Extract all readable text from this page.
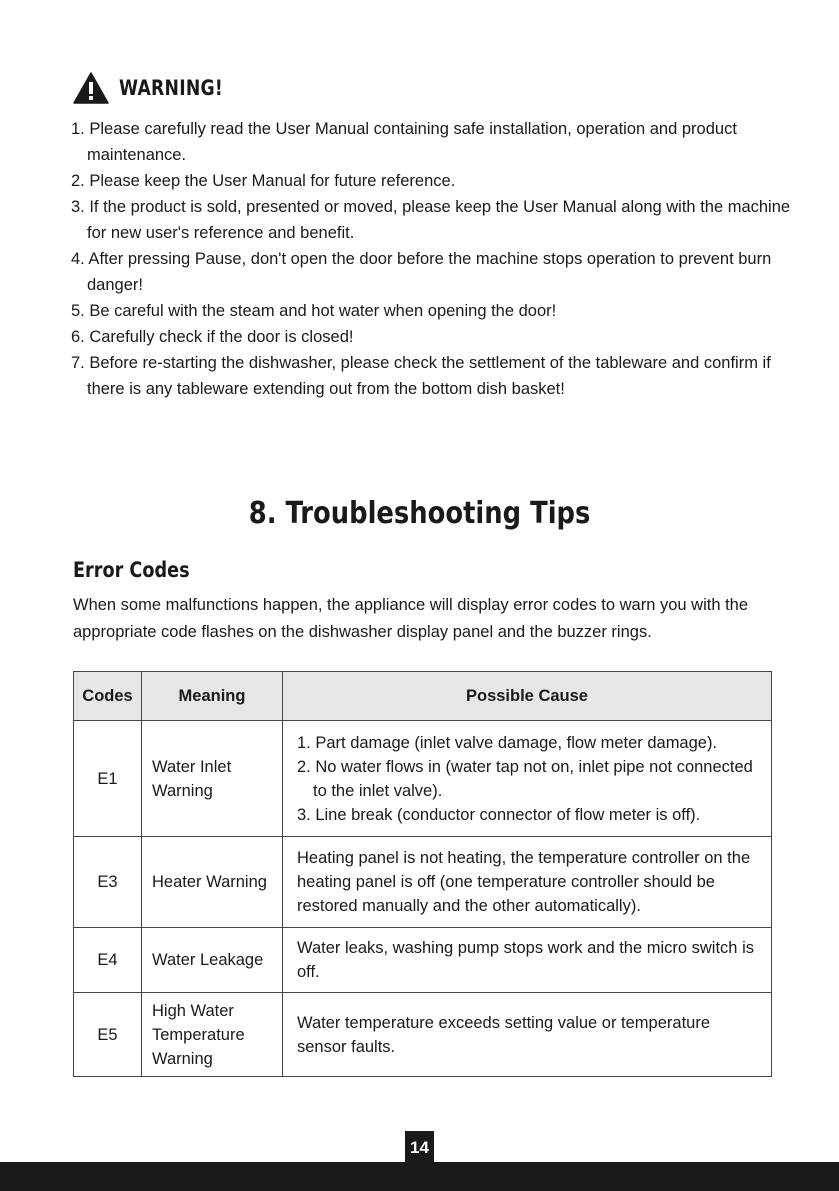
WARNING!
1. Please carefully read the User Manual containing safe installation, operation and product maintenance.
2. Please keep the User Manual for future reference.
3. If the product is sold, presented or moved, please keep the User Manual along with the machine for new user's reference and benefit.
4. After pressing Pause, don't open the door before the machine stops operation to prevent burn danger!
5. Be careful with the steam and hot water when opening the door!
6. Carefully check if the door is closed!
7. Before re-starting the dishwasher, please check the settlement of the tableware and confirm if there is any tableware extending out from the bottom dish basket!
8. Troubleshooting Tips
Error Codes

When some malfunctions happen, the appliance will display error codes to warn you with the appropriate code flashes on the dishwasher display panel and the buzzer rings.

Codes	Meaning	Possible Cause
E1	Water Inlet Warning	1. Part damage (inlet valve damage, flow meter damage).
2. No water flows in (water tap not on, inlet pipe not connected to the inlet valve).
3. Line break (conductor connector of flow meter is off).

E3	Heater Warning	Heating panel is not heating, the temperature controller on the heating panel is off (one temperature controller should be restored manually and the other automatically).

E4	Water Leakage	Water leaks, washing pump stops work and the micro switch is off.

E5	High Water Temperature Warning	Water temperature exceeds setting value or temperature sensor faults.
14
